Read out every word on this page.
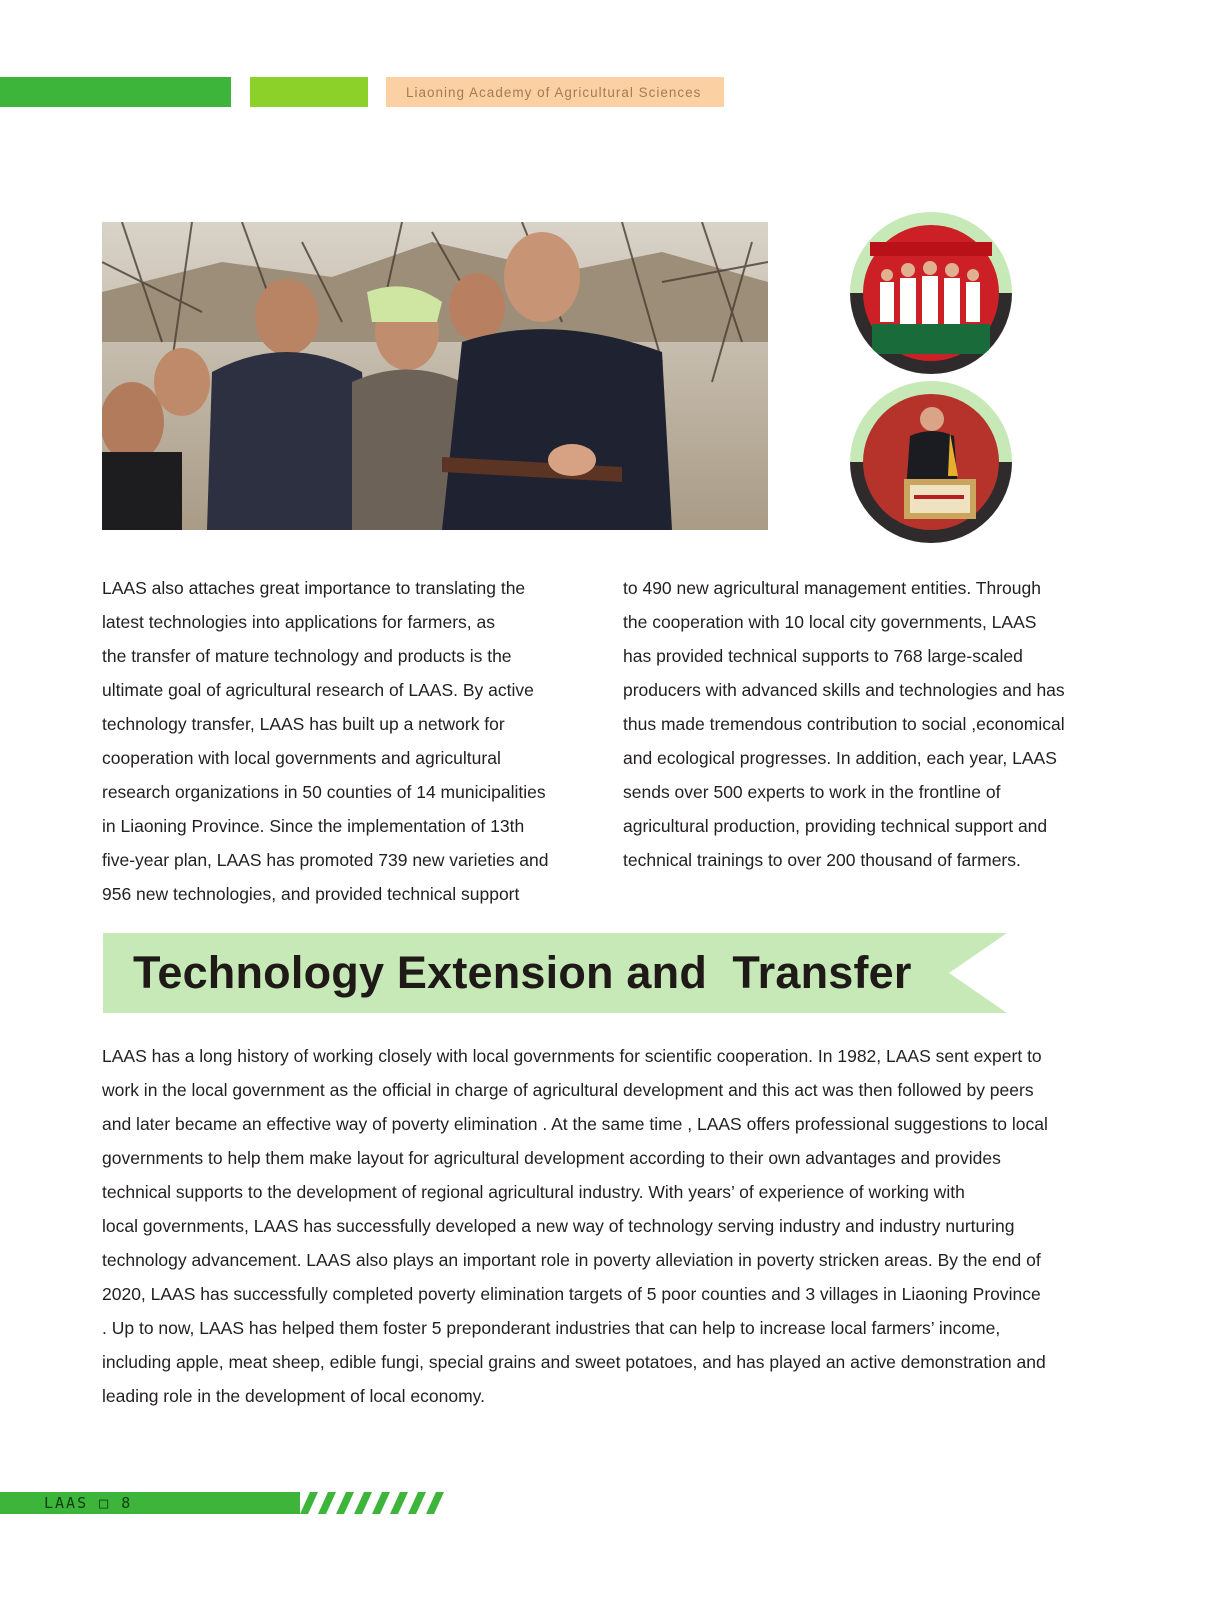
Liaoning Academy of Agricultural Sciences
LAAS also attaches great importance to translating the
latest technologies into applications for farmers, as
the transfer of mature technology and products is the
ultimate goal of agricultural research of LAAS. By active
technology transfer, LAAS has built up a network for
cooperation with local governments and agricultural
research organizations in 50 counties of 14 municipalities
in Liaoning Province. Since the implementation of 13th
five-year plan, LAAS has promoted 739 new varieties and
956 new technologies, and provided technical support
to 490 new agricultural management entities. Through
the cooperation with 10 local city governments, LAAS
has provided technical supports to 768 large-scaled
producers with advanced skills and technologies and has
thus made tremendous contribution to social ,economical
and ecological progresses. In addition, each year, LAAS
sends over 500 experts to work in the frontline of
agricultural production, providing technical support and
technical trainings to over 200 thousand of farmers.
Technology Extension and  Transfer
LAAS has a long history of working closely with local governments for scientific cooperation. In 1982, LAAS sent expert to
work in the local government as the official in charge of agricultural development and this act was then followed by peers
and later became an effective way of poverty elimination . At the same time , LAAS offers professional suggestions to local
governments to help them make layout for agricultural development according to their own advantages and provides
technical supports to the development of regional agricultural industry. With years’ of experience of working with
local governments, LAAS has successfully developed a new way of technology serving industry and industry nurturing
technology advancement. LAAS also plays an important role in poverty alleviation in poverty stricken areas. By the end of
2020, LAAS has successfully completed poverty elimination targets of 5 poor counties and 3 villages in Liaoning Province
. Up to now, LAAS has helped them foster 5 preponderant industries that can help to increase local farmers’ income,
including apple, meat sheep, edible fungi, special grains and sweet potatoes, and has played an active demonstration and
leading role in the development of local economy.
LAAS □ 8
